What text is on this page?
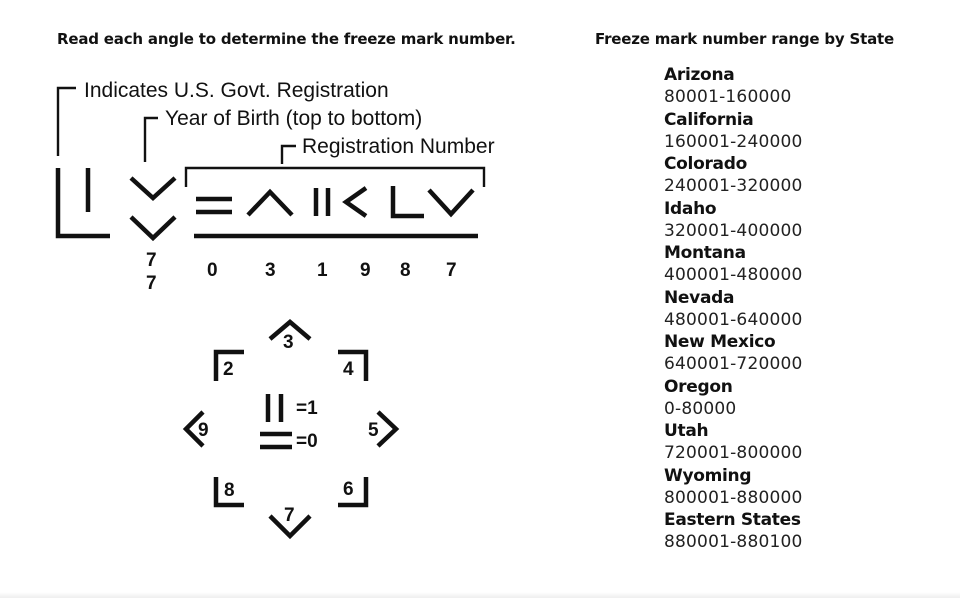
Read each angle to determine the freeze mark number.	Freeze mark number range by State
Indicates U.S. Govt. Registration
Year of Birth (top to bottom)
Registration Number
7
7
0 3 1 9 8 7
2
3
4
5
6
7
8
9
=1
=0
Arizona
80001-160000
California
160001-240000
Colorado
240001-320000
Idaho
320001-400000
Montana
400001-480000
Nevada
480001-640000
New Mexico
640001-720000
Oregon
0-80000
Utah
720001-800000
Wyoming
800001-880000
Eastern States
880001-880100
